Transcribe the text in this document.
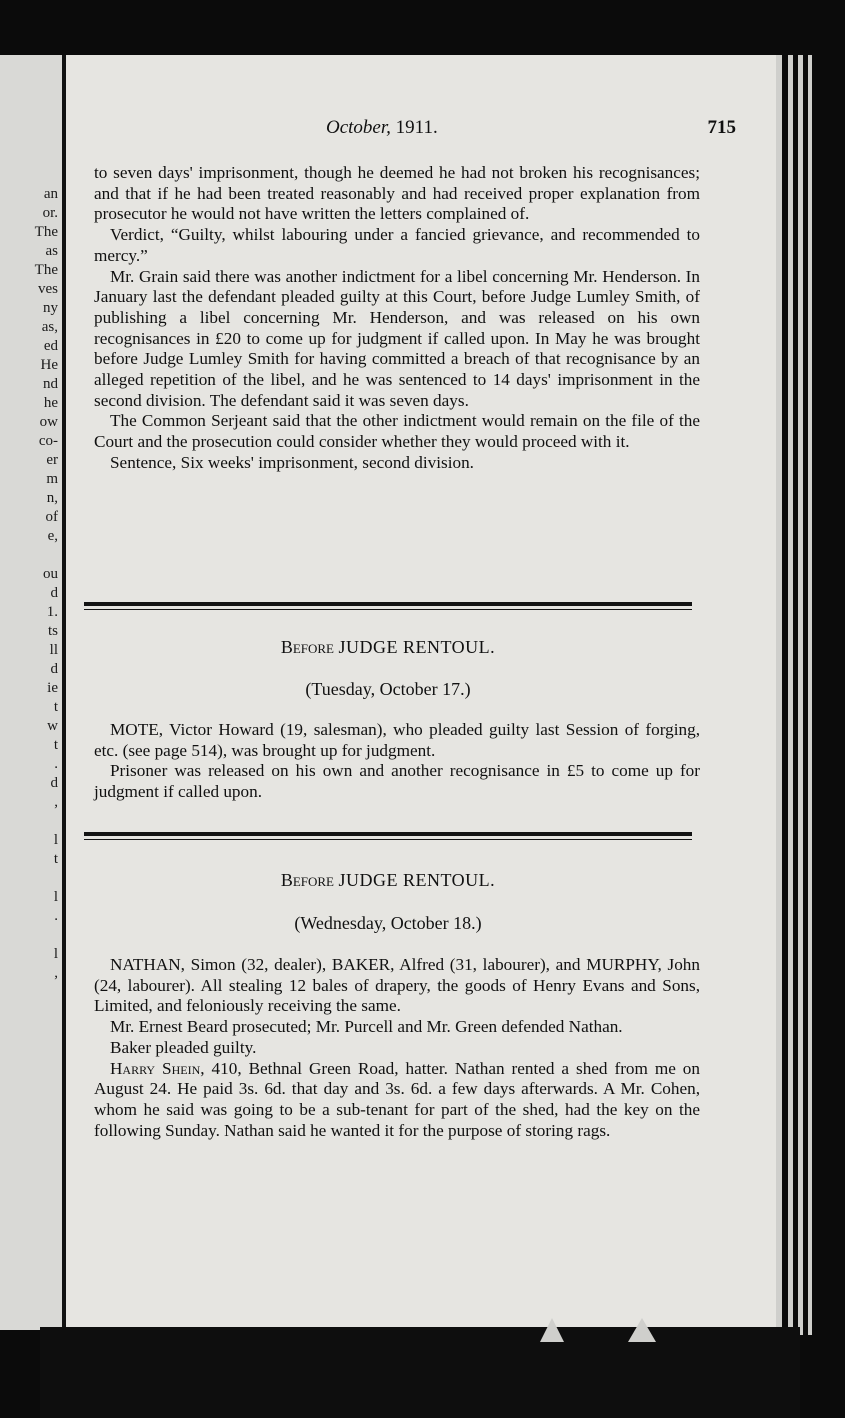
an
or.
The
as
The
ves
ny
as,
ed
He
nd
he
ow
co-
er
m
n,
of
e,

ou
d
1.
ts
ll
d
ie
t
w
t
.
d
,

l
t

l
.

l
,

October, 1911.	715

to seven days' imprisonment, though he deemed he had not broken his recognisances; and that if he had been treated reasonably and had received proper explanation from prosecutor he would not have written the letters complained of.

Verdict, “Guilty, whilst labouring under a fancied grievance, and recommended to mercy.”

Mr. Grain said there was another indictment for a libel concerning Mr. Henderson. In January last the defendant pleaded guilty at this Court, before Judge Lumley Smith, of publishing a libel concerning Mr. Henderson, and was released on his own recognisances in £20 to come up for judgment if called upon. In May he was brought before Judge Lumley Smith for having committed a breach of that recognisance by an alleged repetition of the libel, and he was sentenced to 14 days' imprisonment in the second division. The defendant said it was seven days.

The Common Serjeant said that the other indictment would remain on the file of the Court and the prosecution could consider whether they would proceed with it.

Sentence, Six weeks' imprisonment, second division.

Before JUDGE RENTOUL.
(Tuesday, October 17.)

MOTE, Victor Howard (19, salesman), who pleaded guilty last Session of forging, etc. (see page 514), was brought up for judgment.

Prisoner was released on his own and another recognisance in £5 to come up for judgment if called upon.

Before JUDGE RENTOUL.
(Wednesday, October 18.)

NATHAN, Simon (32, dealer), BAKER, Alfred (31, labourer), and MURPHY, John (24, labourer). All stealing 12 bales of drapery, the goods of Henry Evans and Sons, Limited, and feloniously receiving the same.

Mr. Ernest Beard prosecuted; Mr. Purcell and Mr. Green defended Nathan.

Baker pleaded guilty.

Harry Shein, 410, Bethnal Green Road, hatter. Nathan rented a shed from me on August 24. He paid 3s. 6d. that day and 3s. 6d. a few days afterwards. A Mr. Cohen, whom he said was going to be a sub-tenant for part of the shed, had the key on the following Sunday. Nathan said he wanted it for the purpose of storing rags.
